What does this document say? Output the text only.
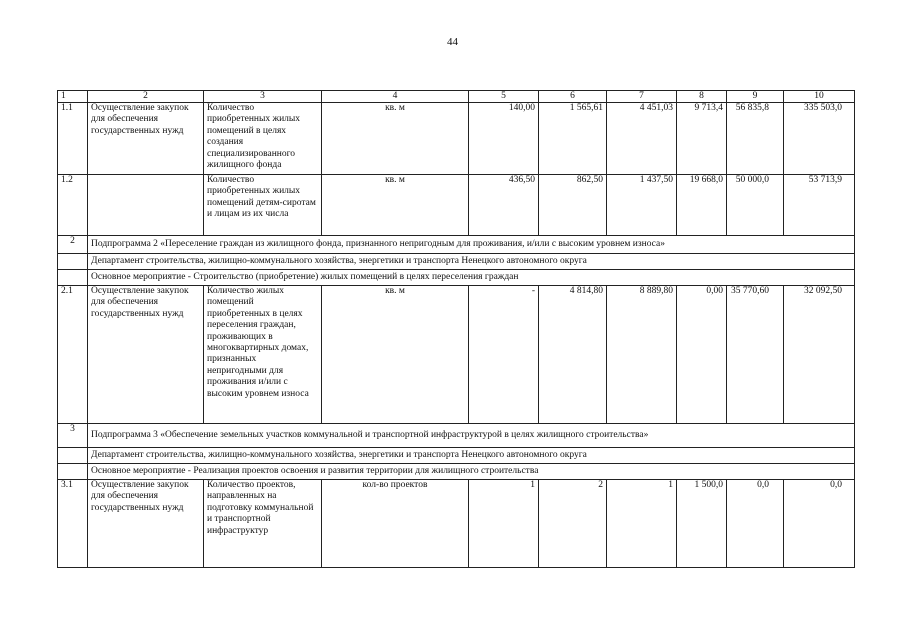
44
1	2	3	4	5	6	7	8	9	10
1.1	Осуществление закупок для обеспечения государственных нужд	Количество приобретенных жилых помещений в целях создания специализированного жилищного фонда	кв. м	140,00	1 565,61	4 451,03	9 713,4	56 835,8	335 503,0
1.2		Количество приобретенных жилых помещений детям-сиротам и лицам из их числа	кв. м	436,50	862,50	1 437,50	19 668,0	50 000,0	53 713,9
2	Подпрограмма 2 «Переселение граждан из жилищного фонда, признанного непригодным для проживания, и/или с высоким уровнем износа»								
	Департамент строительства, жилищно-коммунального хозяйства, энергетики и транспорта Ненецкого автономного округа								
	Основное мероприятие - Строительство (приобретение) жилых помещений в целях переселения граждан								
2.1	Осуществление закупок для обеспечения государственных нужд	Количество жилых помещений приобретенных в целях переселения граждан, проживающих в многоквартирных домах, признанных непригодными для проживания и/или с высоким уровнем износа	кв. м	-	4 814,80	8 889,80	0,00	35 770,60	32 092,50
3	Подпрограмма 3 «Обеспечение земельных участков коммунальной и транспортной инфраструктурой в целях жилищного строительства»								
	Департамент строительства, жилищно-коммунального хозяйства, энергетики и транспорта Ненецкого автономного округа								
	Основное мероприятие - Реализация проектов освоения и развития территории для жилищного строительства								
3.1	Осуществление закупок для обеспечения государственных нужд	Количество проектов, направленных на подготовку коммунальной и транспортной инфраструктур	кол-во проектов	1	2	1	1 500,0	0,0	0,0
